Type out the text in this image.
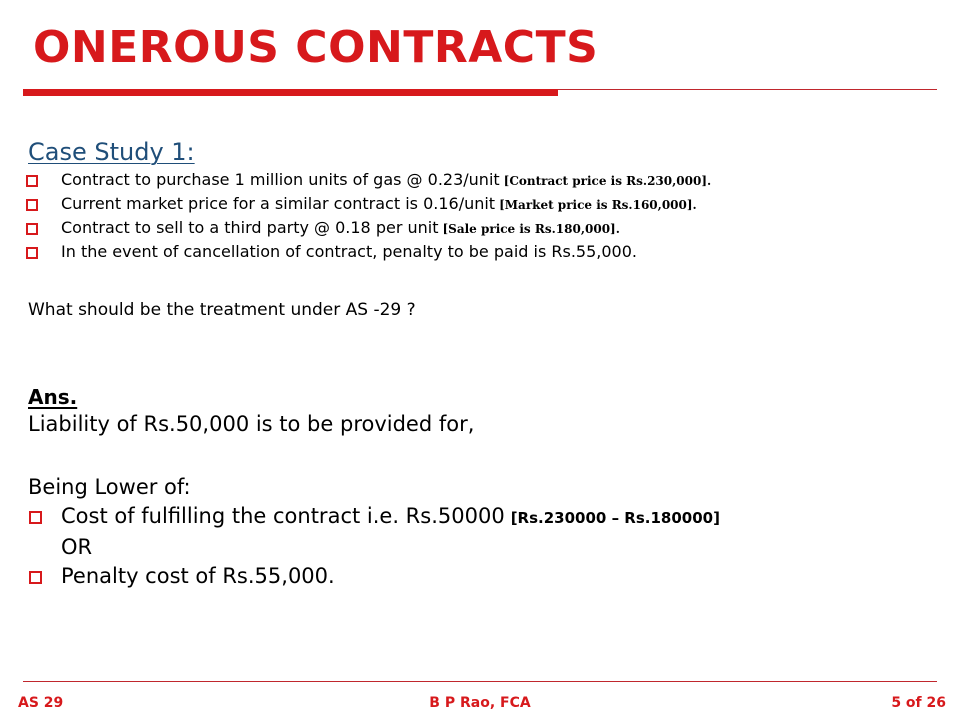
ONEROUS CONTRACTS
Case Study 1:
Contract to purchase 1 million units of gas @ 0.23/unit [Contract price is Rs.230,000].
Current market price for a similar contract is 0.16/unit [Market price is Rs.160,000].
Contract to sell to a third party @ 0.18 per unit [Sale price is Rs.180,000].
In the event of cancellation of contract, penalty to be paid is Rs.55,000.

What should be the treatment under AS -29 ?

Ans.

Liability of Rs.50,000 is to be provided for,

Being Lower of:

Cost of fulfilling the contract i.e. Rs.50000 [Rs.230000 – Rs.180000]
OR
Penalty cost of Rs.55,000.
AS 29	B P Rao, FCA	5 of 26
